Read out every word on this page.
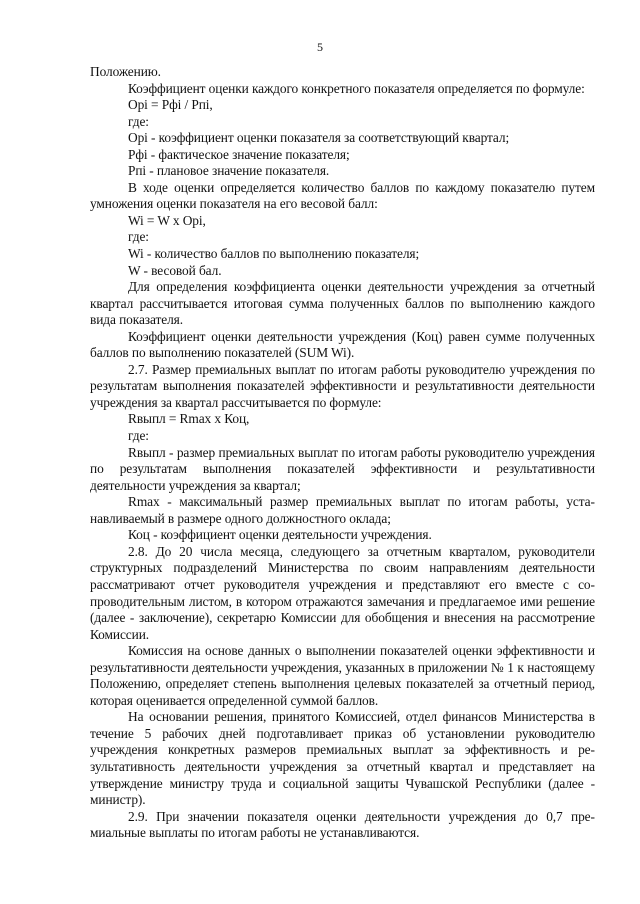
5

Положению.

Коэффициент оценки каждого конкретного показателя определяется по формуле:

Opi = Pфi / Pпi,

где:

Opi - коэффициент оценки показателя за соответствующий квартал;

Pфi - фактическое значение показателя;

Pпi - плановое значение показателя.

В ходе оценки определяется количество баллов по каждому показателю путем умножения оценки показателя на его весовой балл:

Wi = W x Opi,

где:

Wi - количество баллов по выполнению показателя;

W - весовой бал.

Для определения коэффициента оценки деятельности учреждения за отчетный квартал рассчитывается итоговая сумма полученных баллов по выполнению каждого вида показателя.

Коэффициент оценки деятельности учреждения (Коц) равен сумме полученных баллов по выполнению показателей (SUM Wi).

2.7. Размер премиальных выплат по итогам работы руководителю учреждения по результатам выполнения показателей эффективности и результативности деятельности учреждения за квартал рассчитывается по формуле:

Rвыпл = Rmax x Коц,

где:

Rвыпл - размер премиальных выплат по итогам работы руководителю учреждения по результатам выполнения показателей эффективности и результативности деятельности учреждения за квартал;

Rmax - максимальный размер премиальных выплат по итогам работы, устанавливаемый в размере одного должностного оклада;

Коц - коэффициент оценки деятельности учреждения.

2.8. До 20 числа месяца, следующего за отчетным кварталом, руководители структурных подразделений Министерства по своим направлениям деятельности рассматривают отчет руководителя учреждения и представляют его вместе с сопроводительным листом, в котором отражаются замечания и предлагаемое ими решение (далее - заключение), секретарю Комиссии для обобщения и внесения на рассмотрение Комиссии.

Комиссия на основе данных о выполнении показателей оценки эффективности и результативности деятельности учреждения, указанных в приложении № 1 к настоящему Положению, определяет степень выполнения целевых показателей за отчетный период, которая оценивается определенной суммой баллов.

На основании решения, принятого Комиссией, отдел финансов Министерства в течение 5 рабочих дней подготавливает приказ об установлении руководителю учреждения конкретных размеров премиальных выплат за эффективность и результативность деятельности учреждения за отчетный квартал и представляет на утверждение министру труда и социальной защиты Чувашской Республики (далее - министр).

2.9. При значении показателя оценки деятельности учреждения до 0,7 премиальные выплаты по итогам работы не устанавливаются.
